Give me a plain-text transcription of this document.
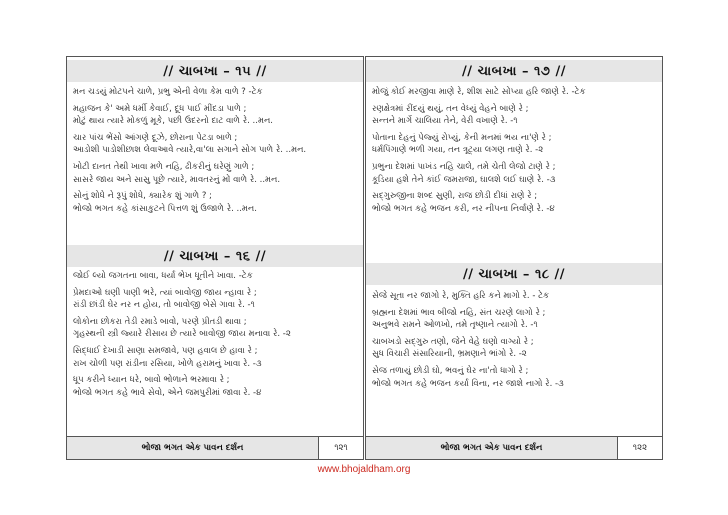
// ચાબખા – ૧૫ //
મન ચડયું મોટપને ચાળે, પ્રભુ એની વેળા કેમ વાળે ? -ટેક
મહાજન કે' અમે ધર્મી કેવાઈ, દૂધ પાઈ મીંદડા પાળે ;
મોટું થાય ત્યારે મોકળું મૂકે, પછી ઉંદરનો દાટ વાળે રે. ..મન.
ચાર પાંચ ભેંસો આંગણે દૂઝે, છોરાના પેટડા બાળે ;
આડોશી પાડોશીછાશ લેવાઆવે ત્યારે,વા'લા સગાને સોગ પાળે રે. ..મન.
ખોટી દાનત તેથી ખાવા મળે નહિ, ઢીકરીનું ઘરેણું ગાળે ;
સાસરે જાય અને સાસુ પૂછે ત્યારે, માવતરનું મોં વાળે રે. ..મન.
સોનું શોધે ને રૂપું શોધે, ક્યારેક શું ગાળે ? ;
ભોજો ભગત કહે કાંસાકુટને પિત્તળ શું ઉજાળે રે. ..મન.
// ચાબખા – ૧૬ //
જોઈ લ્યો જગતના બાવા, ધર્યા ભેખ ધૂતીને ખાવા. -ટેક
પ્રેમદાઓ ઘણી પાણી ભરે, ત્યાં બાવોજી જાય ન્હાવા રે ;
રાંડી છાંડી ઘેર નર ન હોય, તો બાવોજી બેસે ગાવા રે. -૧
લોકોના છોકરા તેડી રમાડે બાવો, પરણે પ્રીતડી થાવા ;
ગૃહસ્થની સ્ત્રી જ્યારે રીસાય છે ત્યારે બાવોજી જાય મનાવા રે. -૨
સિદ્ધાઈ દેખાડી સાણા સમજાવે, પણ હવાલ છે હાવા રે ;
રાખ ચોળી પણ રાંડીના રસિયા, ખોળે હરામનું ખાવા રે. -૩
ધૂપ કરીને ધ્યાન ધરે, બાવો ભોળાને ભરમાવા રે ;
ભોજો ભગત કહે ભાવે સેવો, એને જમપુરીમાં જાવા રે. -૪
ભોજા ભગત એક પાવન દર્શન	૧૨૧
// ચાબખા – ૧૭ //
મોજું કોઈ મરજીવા માણે રે, શીશ સાટે સોંપ્યા હરિ જાણે રે. -ટેક
રણક્ષેત્રમાં રીંદયું થયું, તન વેધ્યું વેહને બાણે રે ;
સન્તને માર્ગે ચાલિયા તેને, વેરી વખાણે રે. -૧
પોતાના દેહનું પેજ્યું રોપ્યું, કેની મનમાં ભય ના'ણે રે ;
ધર્મપિંગાણે ભળી ગયા, તન ત્રૂટ્યા લગણ તાણે રે. -૨
પ્રભુના દેશમાં પાખંડ નહિ ચાલે, તમે ચેતી લેજો ટાણે રે ;
કૂડિયા હશે તેને કાંઈ જમરાજા, ઘાલશે લઈ ઘાણે રે. -૩
સદ્ગુરુજીના શબ્દ સુણી, રાજ છોડી દીધાં રાણે રે ;
ભોજો ભગત કહે ભજન કરી, નર નીપના નિર્વાણે રે. -૪
// ચાબખા – ૧૮ //
સેજે સૂતા નર જાગો રે, મુક્તિ હરિ કને માગો રે. - ટેક
બ્રહ્મના દેશમાં ભાવ બીજો નહિ, સંત ચરણે લાગો રે ;
અનુભવે રામને ઓળખો, તમે તૃષ્ણાને ત્યાગો રે. -૧
ચાબખડો સદ્ગુરુ તણો, જેને વેહે ઘણો વાગ્યો રે ;
સુધ વિચારી સંસારિયાની, ભ્રમણાને ભાંગો રે. -૨
સેજ તળાયું છોડી ઘો, ભવનું ઘેર ના'તો ધાગો રે ;
ભોજો ભગત કહે ભજન કર્યા વિના, નર જાશે નાગો રે. -૩
ભોજા ભગત એક પાવન દર્શન	૧૨૨
www.bhojaldham.org
